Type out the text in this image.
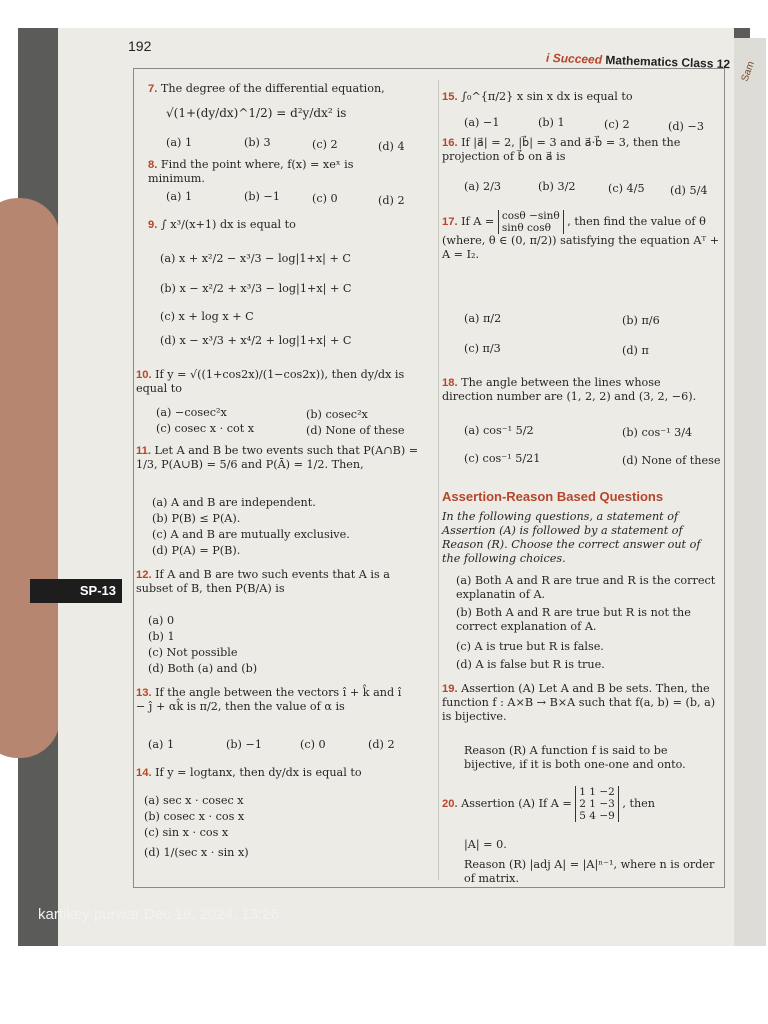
Sam
192
i Succeed Mathematics Class 12
7. The degree of the differential equation,
√(1+(dy/dx)^1/2) = d²y/dx² is
(a) 1	(b) 3	(c) 2	(d) 4
8. Find the point where, f(x) = xeˣ is minimum.
(a) 1	(b) −1	(c) 0	(d) 2
9. ∫ x³/(x+1) dx is equal to
(a) x + x²/2 − x³/3 − log|1+x| + C
(b) x − x²/2 + x³/3 − log|1+x| + C
(c) x + log x + C
(d) x − x³/3 + x⁴/2 + log|1+x| + C
10. If y = √((1+cos2x)/(1−cos2x)), then dy/dx is equal to
(a) −cosec²x	(b) cosec²x
(c) cosec x · cot x	(d) None of these
11. Let A and B be two events such that P(A∩B) = 1/3, P(A∪B) = 5/6 and P(Ā) = 1/2. Then,
(a) A and B are independent.
(b) P(B) ≤ P(A).
(c) A and B are mutually exclusive.
(d) P(A) = P(B).
12. If A and B are two such events that A is a subset of B, then P(B/A) is
(a) 0
(b) 1
(c) Not possible
(d) Both (a) and (b)
13. If the angle between the vectors î + k̂ and î − ĵ + αk̂ is π/2, then the value of α is
(a) 1	(b) −1	(c) 0	(d) 2
14. If y = logtanx, then dy/dx is equal to
(a) sec x · cosec x
(b) cosec x · cos x
(c) sin x · cos x
(d) 1/(sec x · sin x)
15. ∫₀^{π/2} x sin x dx is equal to
(a) −1	(b) 1	(c) 2	(d) −3
16. If |a⃗| = 2, |b⃗| = 3 and a⃗·b⃗ = 3, then the projection of b⃗ on a⃗ is
(a) 2/3	(b) 3/2	(c) 4/5 (d) 5/4
17. If A = cosθ −sinθ
sinθ cosθ , then find the value of θ (where, θ ∈ (0, π/2)) satisfying the equation Aᵀ + A = I₂.
(a) π/2	(b) π/6
(c) π/3	(d) π
18. The angle between the lines whose direction number are (1, 2, 2) and (3, 2, −6).
(a) cos⁻¹ 5/2	(b) cos⁻¹ 3/4
(c) cos⁻¹ 5/21	(d) None of these
Assertion-Reason Based Questions
In the following questions, a statement of Assertion (A) is followed by a statement of Reason (R). Choose the correct answer out of the following choices.
(a) Both A and R are true and R is the correct explanatin of A.
(b) Both A and R are true but R is not the correct explanation of A.
(c) A is true but R is false.
(d) A is false but R is true.
19. Assertion (A) Let A and B be sets. Then, the function f : A×B → B×A such that f(a, b) = (b, a) is bijective.
Reason (R) A function f is said to be bijective, if it is both one-one and onto.
20. Assertion (A) If A = 1 1 −2
2 1 −3
5 4 −9 , then
|A| = 0.
Reason (R) |adj A| = |A|ⁿ⁻¹, where n is order of matrix.
SP-13
kartikey purwar Dec 19, 2024, 13:26
